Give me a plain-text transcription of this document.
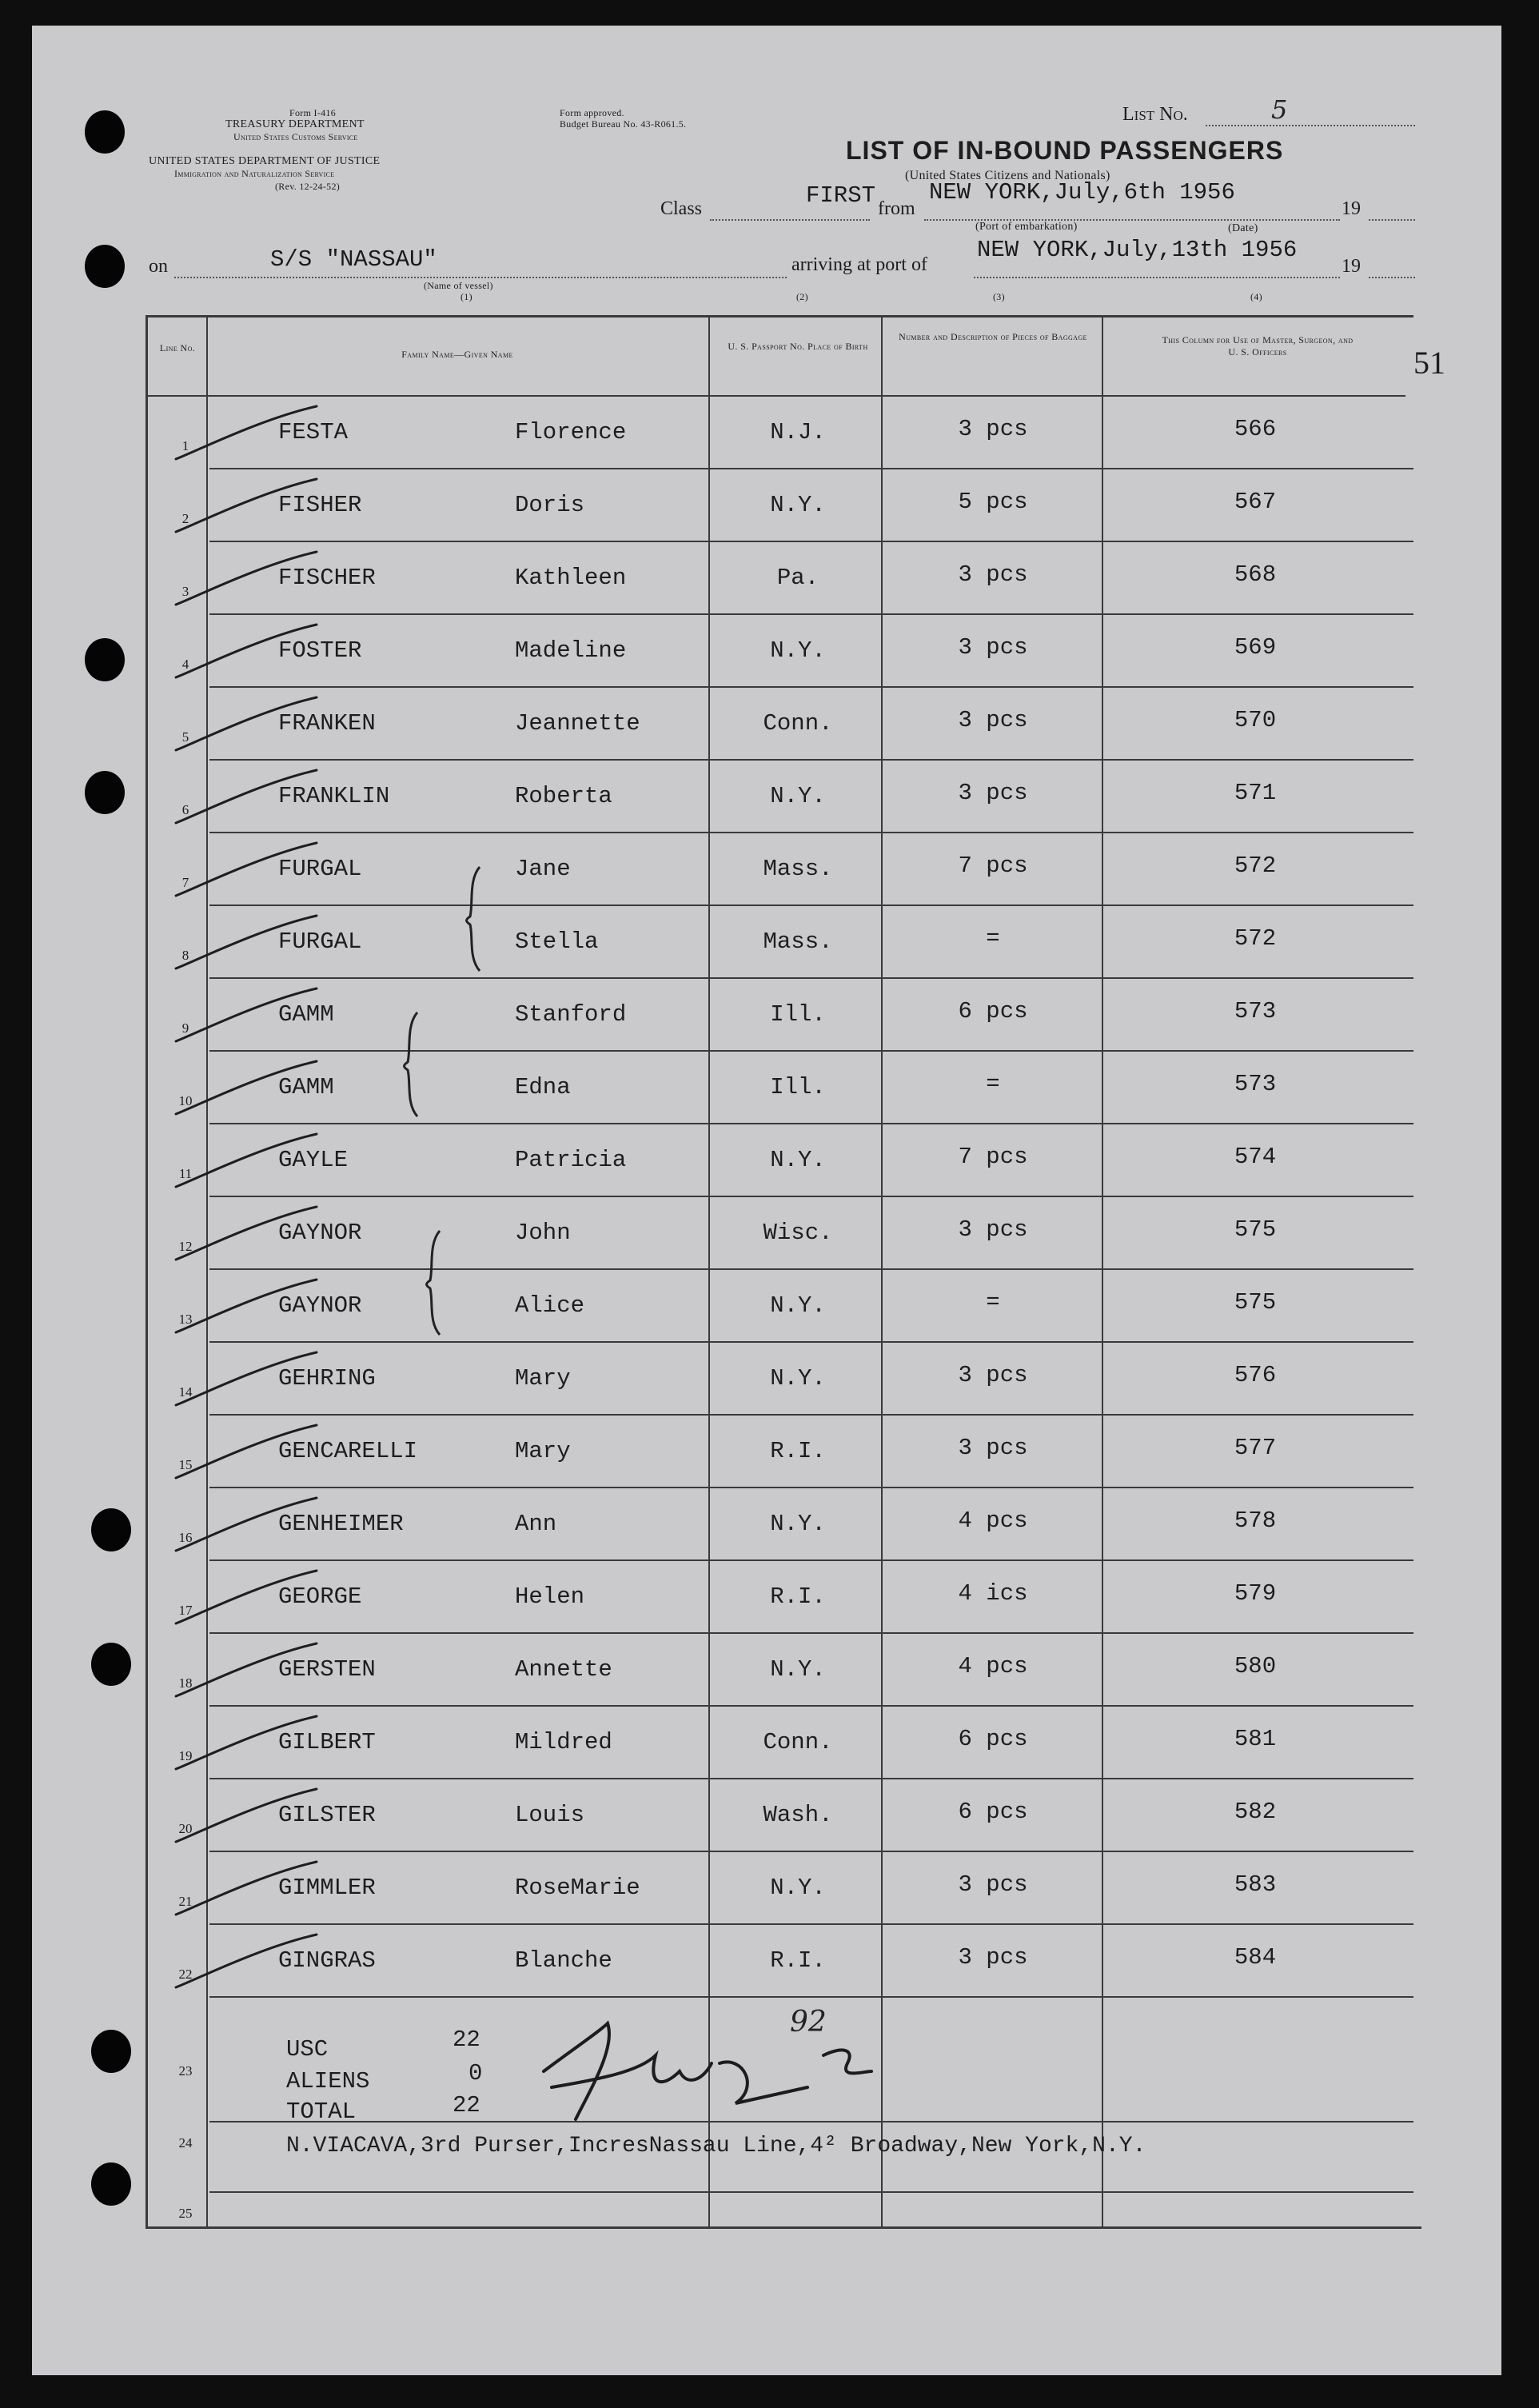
Form I-416
TREASURY DEPARTMENT
United States Customs Service
UNITED STATES DEPARTMENT OF JUSTICE
Immigration and Naturalization Service
(Rev. 12-24-52)
Form approved.
Budget Bureau No. 43-R061.5.	List No.	5
51
LIST OF IN-BOUND PASSENGERS
(United States Citizens and Nationals)
Class	FIRST from
NEW YORK,July,6th 1956
19
(Port of embarkation)	(Date)
on	S/S "NASSAU"
(Name of vessel)
(1)
arriving at port of
NEW YORK,July,13th 1956
19
(2)	(3)	(4)
Line No.
Family Name—Given Name
U. S. Passport No. Place of Birth
Number and Description of Pieces of Baggage	This Column for Use of Master, Surgeon, and U. S. Officers
1
FESTA	Florence	N.J.	3 pcs	566
2
FISHER	Doris	N.Y.	5 pcs	567
3
FISCHER	Kathleen	Pa.	3 pcs	568
4
FOSTER	Madeline	N.Y.	3 pcs	569
5
FRANKEN	Jeannette	Conn.	3 pcs	570
6
FRANKLIN	Roberta	N.Y.	3 pcs	571
7
FURGAL	Jane	Mass.	7 pcs	572
8
FURGAL	Stella	Mass.	=	572
9
GAMM	Stanford	Ill.	6 pcs	573
10
GAMM	Edna	Ill.	=	573
11
GAYLE	Patricia	N.Y.	7 pcs	574
12
GAYNOR	John	Wisc.	3 pcs	575
13
GAYNOR	Alice	N.Y.	=	575
14
GEHRING	Mary	N.Y.	3 pcs	576
15
GENCARELLI	Mary	R.I.	3 pcs	577
16
GENHEIMER	Ann	N.Y.	4 pcs	578
17
GEORGE	Helen	R.I.	4 ics	579
18
GERSTEN	Annette	N.Y.	4 pcs	580
19
GILBERT	Mildred	Conn.	6 pcs	581
20
GILSTER	Louis	Wash.	6 pcs	582
21
GIMMLER	RoseMarie	N.Y.	3 pcs	583
22
GINGRAS	Blanche	R.I.	3 pcs	584
23
24
25
USC	22
ALIENS	0
TOTAL	22
92
N.VIACAVA,3rd Purser,IncresNassau Line,4² Broadway,New York,N.Y.
